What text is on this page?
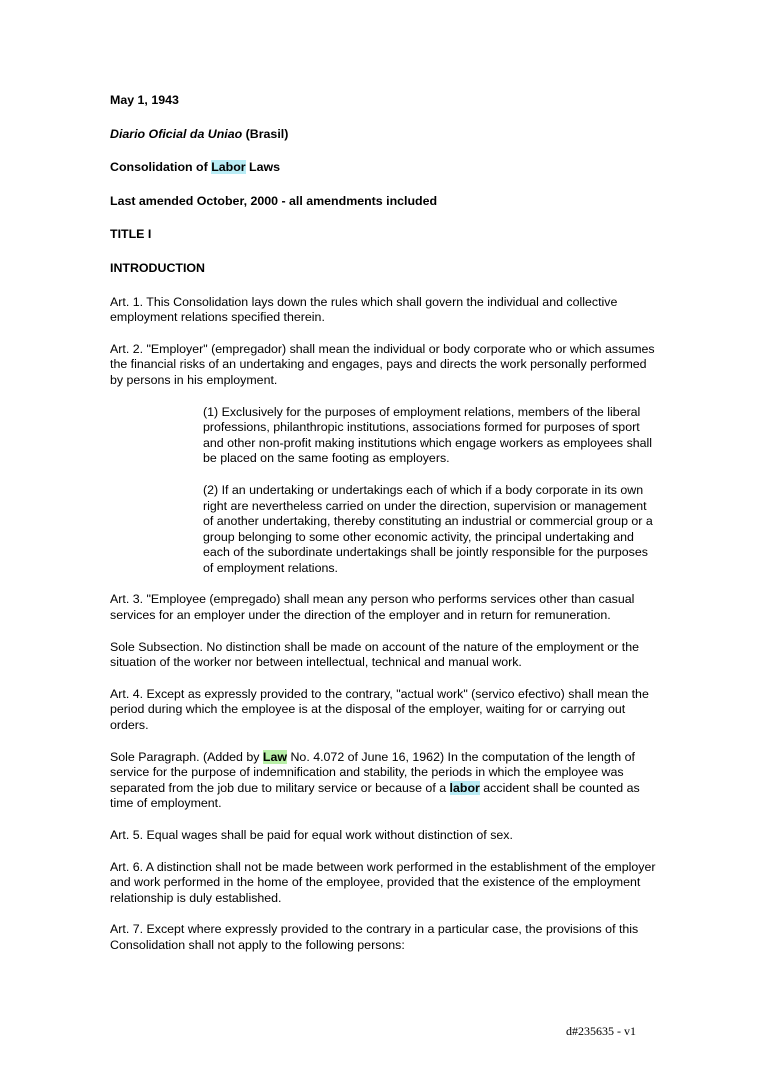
May 1, 1943

Diario Oficial da Uniao (Brasil)

Consolidation of Labor Laws

Last amended October, 2000 - all amendments included

TITLE I

INTRODUCTION

Art. 1. This Consolidation lays down the rules which shall govern the individual and collective employment relations specified therein.

Art. 2. "Employer" (empregador) shall mean the individual or body corporate who or which assumes the financial risks of an undertaking and engages, pays and directs the work personally performed by persons in his employment.

(1) Exclusively for the purposes of employment relations, members of the liberal professions, philanthropic institutions, associations formed for purposes of sport and other non-profit making institutions which engage workers as employees shall be placed on the same footing as employers.

(2) If an undertaking or undertakings each of which if a body corporate in its own right are nevertheless carried on under the direction, supervision or management of another undertaking, thereby constituting an industrial or commercial group or a group belonging to some other economic activity, the principal undertaking and each of the subordinate undertakings shall be jointly responsible for the purposes of employment relations.

Art. 3. "Employee (empregado) shall mean any person who performs services other than casual services for an employer under the direction of the employer and in return for remuneration.

Sole Subsection. No distinction shall be made on account of the nature of the employment or the situation of the worker nor between intellectual, technical and manual work.

Art. 4. Except as expressly provided to the contrary, "actual work" (servico efectivo) shall mean the period during which the employee is at the disposal of the employer, waiting for or carrying out orders.

Sole Paragraph. (Added by Law No. 4.072 of June 16, 1962) In the computation of the length of service for the purpose of indemnification and stability, the periods in which the employee was separated from the job due to military service or because of a labor accident shall be counted as time of employment.

Art. 5. Equal wages shall be paid for equal work without distinction of sex.

Art. 6. A distinction shall not be made between work performed in the establishment of the employer and work performed in the home of the employee, provided that the existence of the employment relationship is duly established.

Art. 7. Except where expressly provided to the contrary in a particular case, the provisions of this Consolidation shall not apply to the following persons:

d#235635 - v1
